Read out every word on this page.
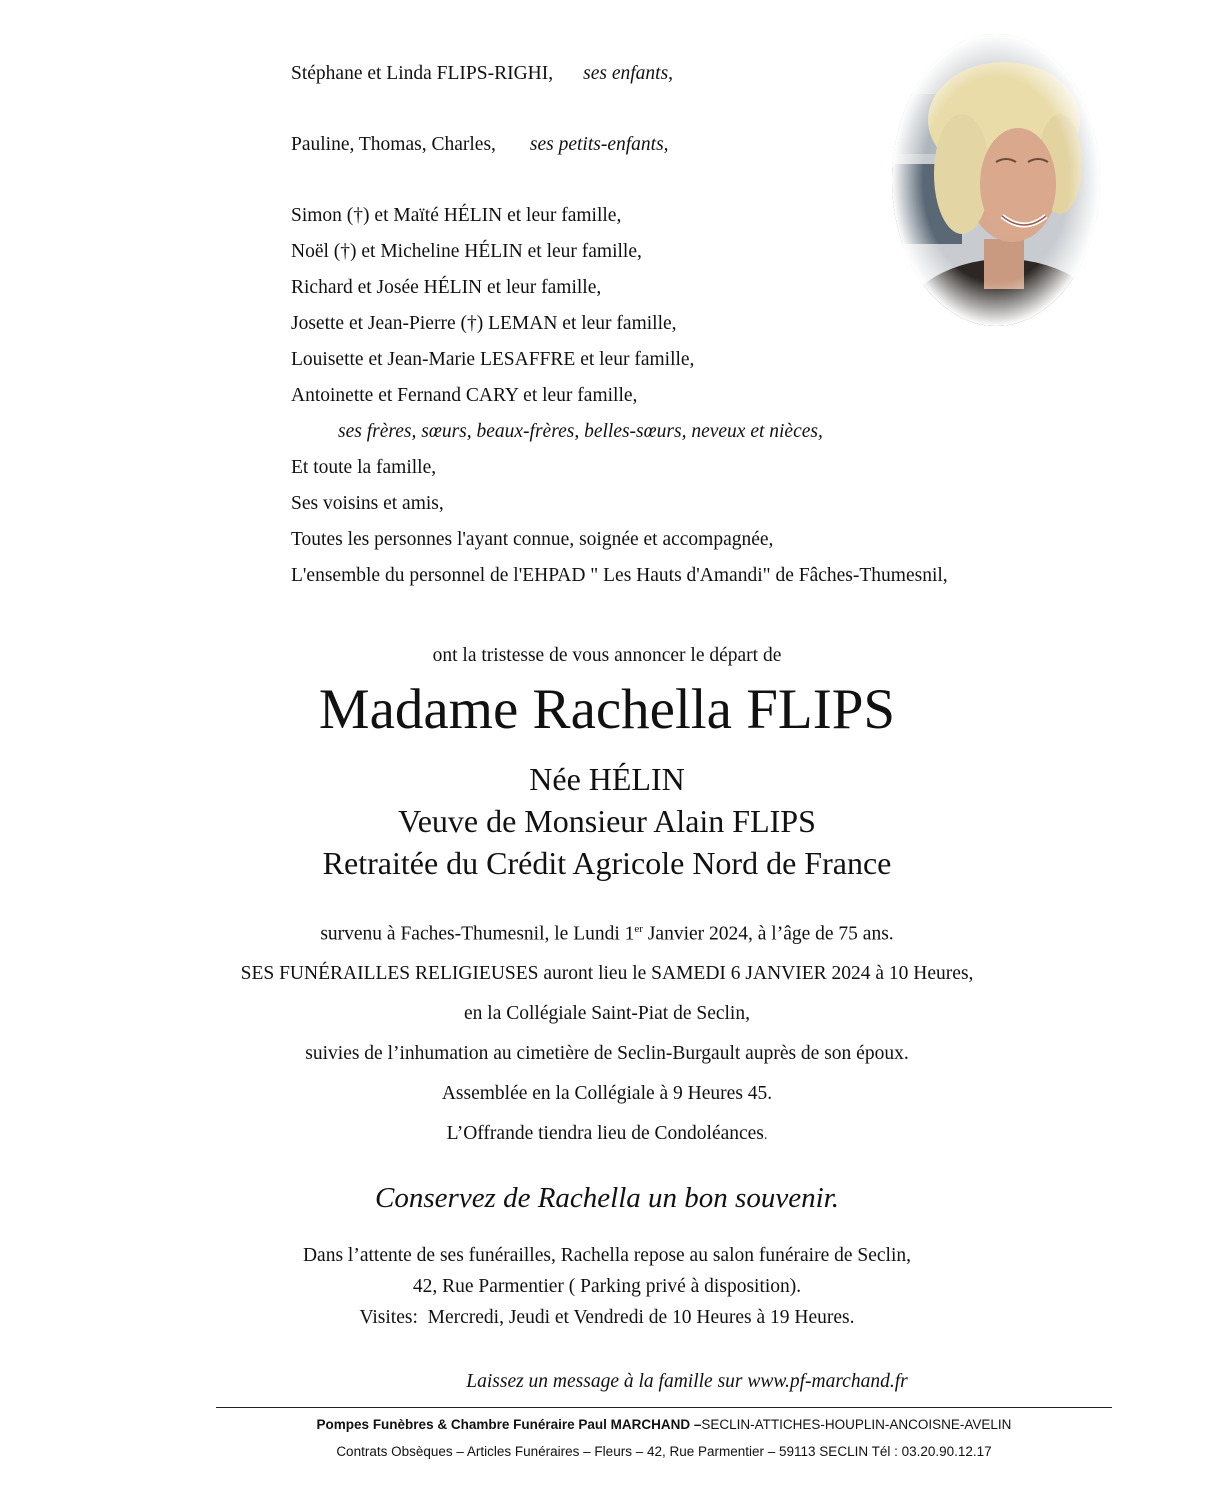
Stéphane et Linda FLIPS-RIGHI, ses enfants,
Pauline, Thomas, Charles, ses petits-enfants,
Simon (†) et Maïté HÉLIN et leur famille,
Noël (†) et Micheline HÉLIN et leur famille,
Richard et Josée HÉLIN et leur famille,
Josette et Jean-Pierre (†) LEMAN et leur famille,
Louisette et Jean-Marie LESAFFRE et leur famille,
Antoinette et Fernand CARY et leur famille,
ses frères, sœurs, beaux-frères, belles-sœurs, neveux et nièces,
Et toute la famille,
Ses voisins et amis,
Toutes les personnes l'ayant connue, soignée et accompagnée,
L'ensemble du personnel de l'EHPAD " Les Hauts d'Amandi" de Fâches-Thumesnil,
ont la tristesse de vous annoncer le départ de
Madame Rachella FLIPS
Née HÉLIN
Veuve de Monsieur Alain FLIPS
Retraitée du Crédit Agricole Nord de France
survenu à Faches-Thumesnil, le Lundi 1er Janvier 2024, à l’âge de 75 ans.
SES FUNÉRAILLES RELIGIEUSES auront lieu le SAMEDI 6 JANVIER 2024 à 10 Heures,
en la Collégiale Saint-Piat de Seclin,
suivies de l’inhumation au cimetière de Seclin-Burgault auprès de son époux.
Assemblée en la Collégiale à 9 Heures 45.
L’Offrande tiendra lieu de Condoléances.
Conservez de Rachella un bon souvenir.
Dans l’attente de ses funérailles, Rachella repose au salon funéraire de Seclin,
42, Rue Parmentier ( Parking privé à disposition).
Visites:  Mercredi, Jeudi et Vendredi de 10 Heures à 19 Heures.
Laissez un message à la famille sur www.pf-marchand.fr
Pompes Funèbres & Chambre Funéraire Paul MARCHAND –SECLIN-ATTICHES-HOUPLIN-ANCOISNE-AVELIN
Contrats Obsèques – Articles Funéraires – Fleurs – 42, Rue Parmentier – 59113 SECLIN Tél : 03.20.90.12.17
